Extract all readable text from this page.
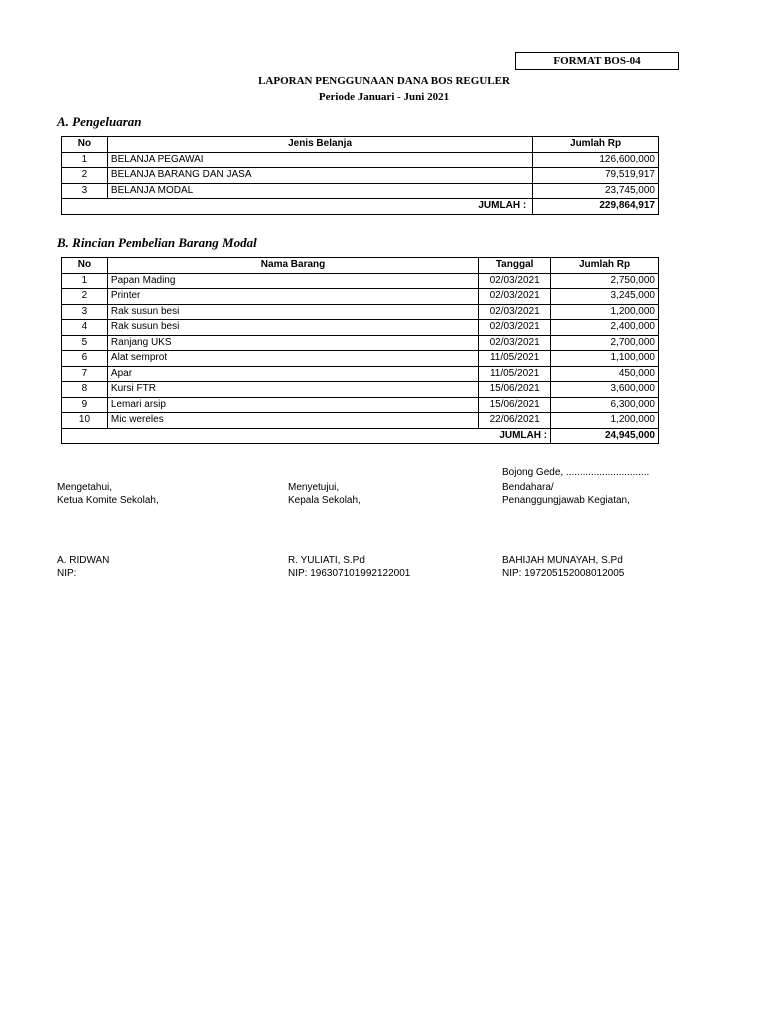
FORMAT BOS-04
LAPORAN PENGGUNAAN DANA BOS REGULER
Periode Januari - Juni 2021
A. Pengeluaran
No	Jenis Belanja	Jumlah Rp
1	BELANJA PEGAWAI	126,600,000
2	BELANJA BARANG DAN JASA	79,519,917
3	BELANJA MODAL	23,745,000
JUMLAH :		229,864,917
B. Rincian Pembelian Barang Modal
No	Nama Barang	Tanggal	Jumlah Rp
1	Papan Mading	02/03/2021	2,750,000
2	Printer	02/03/2021	3,245,000
3	Rak susun besi	02/03/2021	1,200,000
4	Rak susun besi	02/03/2021	2,400,000
5	Ranjang UKS	02/03/2021	2,700,000
6	Alat semprot	11/05/2021	1,100,000
7	Apar	11/05/2021	450,000
8	Kursi FTR	15/06/2021	3,600,000
9	Lemari arsip	15/06/2021	6,300,000
10	Mic wereles	22/06/2021	1,200,000
		JUMLAH :	24,945,000
Bojong Gede, ..............................
Mengetahui,
Ketua Komite Sekolah,
Menyetujui,
Kepala Sekolah,
Bendahara/
Penanggungjawab Kegiatan,
A. RIDWAN
NIP:
R. YULIATI, S.Pd
NIP: 196307101992122001
BAHIJAH MUNAYAH, S.Pd
NIP: 197205152008012005
